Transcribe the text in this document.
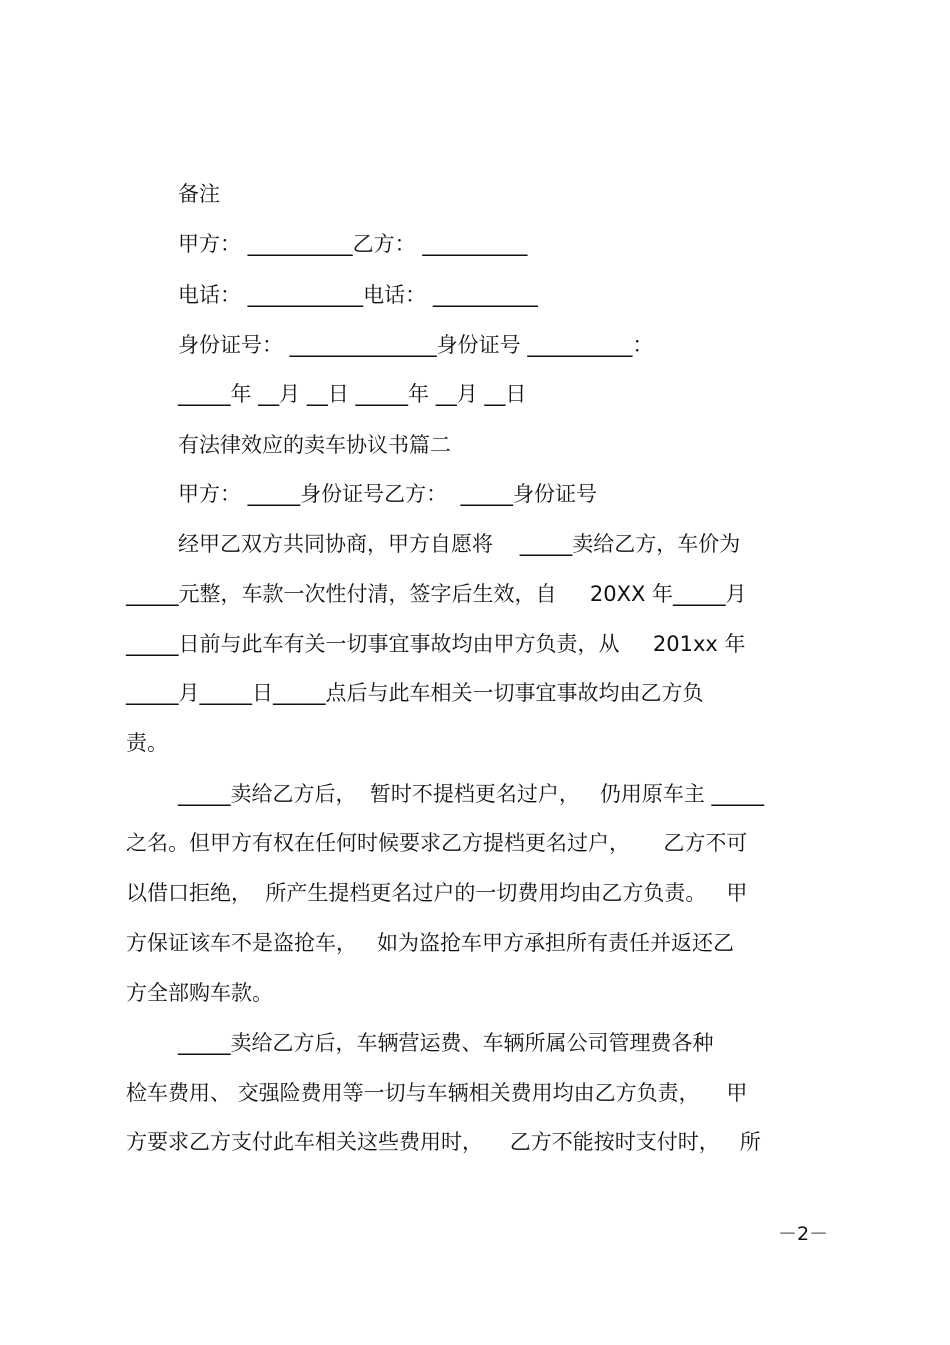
备注

甲方： __________乙方： __________

电话： ___________电话： __________

身份证号： ______________身份证号 __________：

_____年 __月 __日 _____年 __月 __日

有法律效应的卖车协议书篇二

甲方： _____身份证号乙方：  _____身份证号

经甲乙双方共同协商，甲方自愿将    _____卖给乙方，车价为

_____元整，车款一次性付清，签字后生效，自     20XX 年_____月

_____日前与此车有关一切事宜事故均由甲方负责，从     201xx 年

_____月_____日_____点后与此车相关一切事宜事故均由乙方负

责。

_____卖给乙方后，  暂时不提档更名过户，   仍用原车主 _____

之名。但甲方有权在任何时候要求乙方提档更名过户，     乙方不可

以借口拒绝，  所产生提档更名过户的一切费用均由乙方负责。   甲

方保证该车不是盗抢车，   如为盗抢车甲方承担所有责任并返还乙

方全部购车款。

_____卖给乙方后，车辆营运费、车辆所属公司管理费各种

检车费用、 交强险费用等一切与车辆相关费用均由乙方负责，    甲

方要求乙方支付此车相关这些费用时，    乙方不能按时支付时，   所

－2－
